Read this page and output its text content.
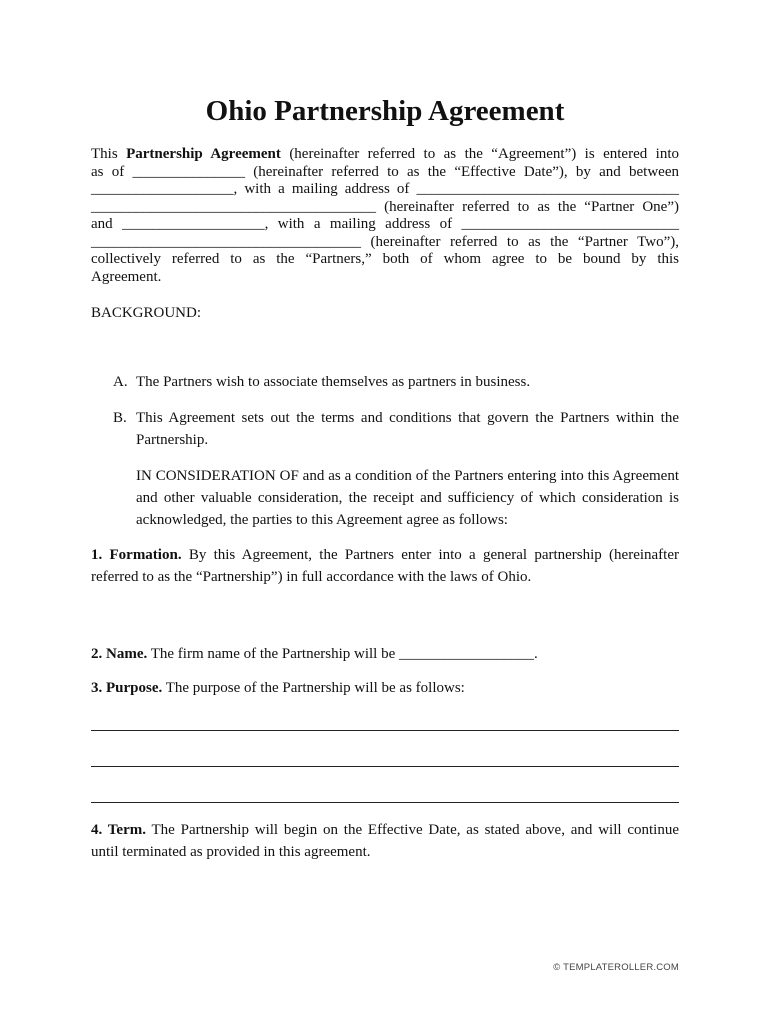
Ohio Partnership Agreement
This Partnership Agreement (hereinafter referred to as the “Agreement”) is entered into
as of _______________ (hereinafter referred to as the “Effective Date”), by and between
___________________, with a mailing address of ___________________________________
______________________________________ (hereinafter referred to as the “Partner One”)
and ___________________, with a mailing address of _____________________________
____________________________________ (hereinafter referred to as the “Partner Two”),
collectively referred to as the “Partners,” both of whom agree to be bound by this
Agreement.

BACKGROUND:

A. The Partners wish to associate themselves as partners in business.
B. This Agreement sets out the terms and conditions that govern the Partners within the Partnership.
IN CONSIDERATION OF and as a condition of the Partners entering into this Agreement and other valuable consideration, the receipt and sufficiency of which consideration is acknowledged, the parties to this Agreement agree as follows:

1. Formation. By this Agreement, the Partners enter into a general partnership (hereinafter referred to as the “Partnership”) in full accordance with the laws of Ohio.

2. Name. The firm name of the Partnership will be __________________.

3. Purpose. The purpose of the Partnership will be as follows:

4. Term. The Partnership will begin on the Effective Date, as stated above, and will continue until terminated as provided in this agreement.

© TEMPLATEROLLER.COM
